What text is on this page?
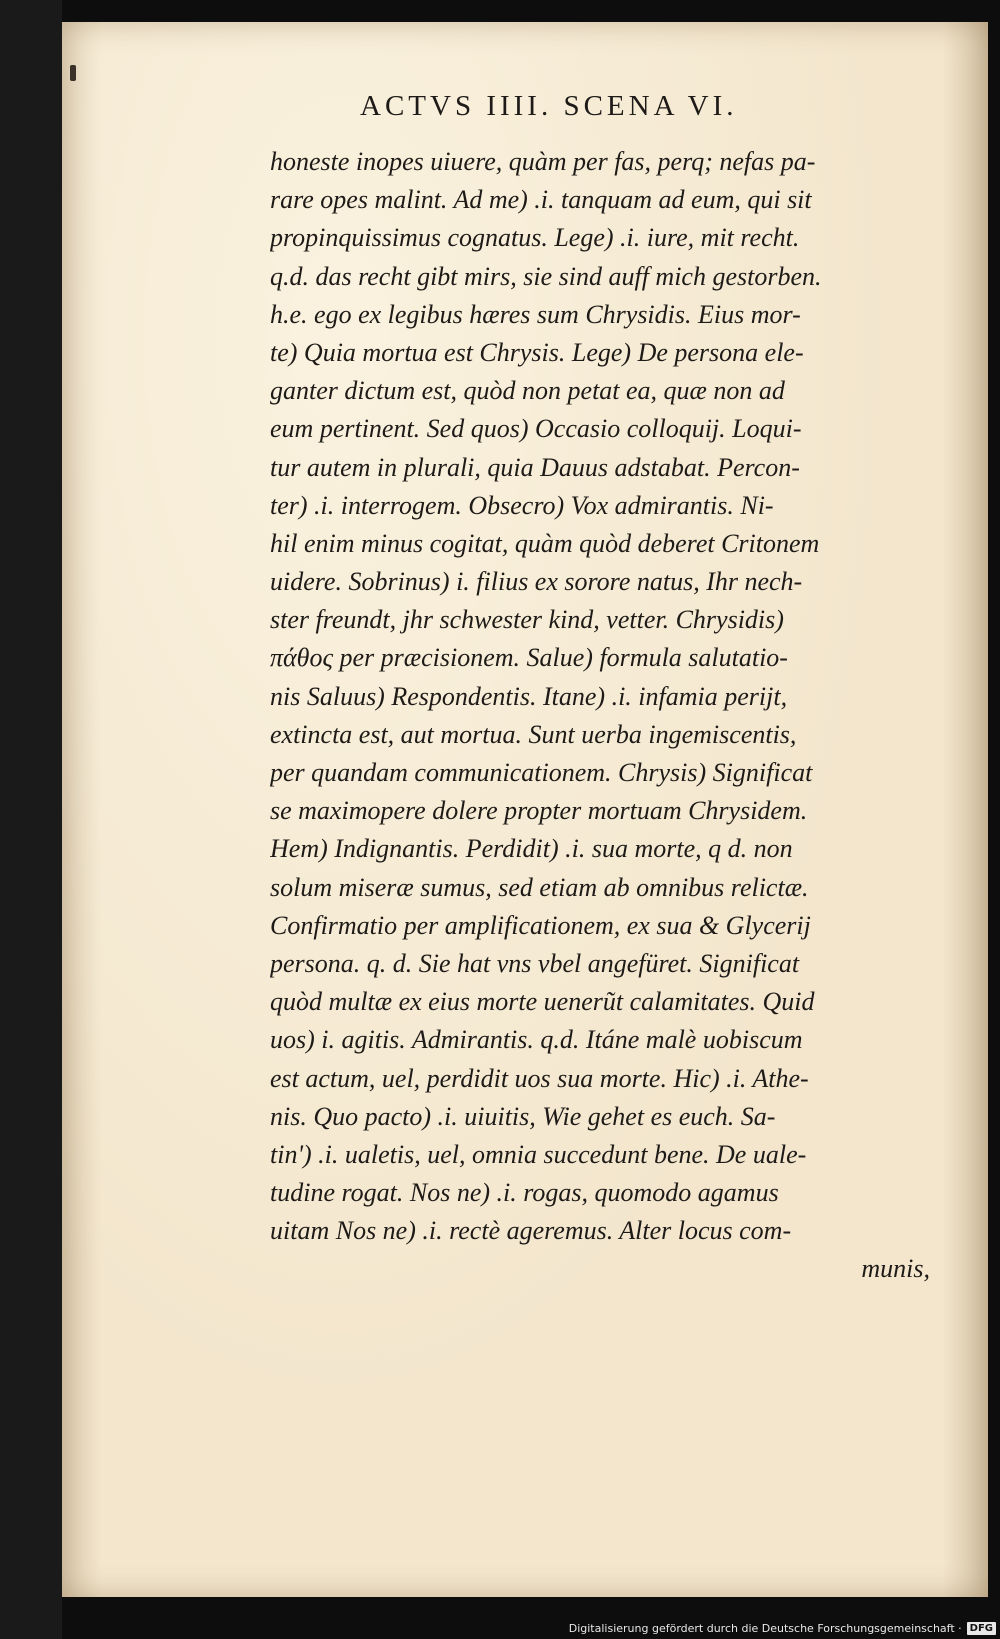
ACTVS IIII. SCENA VI.
honeste inopes uiuere, quàm per fas, perq; nefas pa-
rare opes malint. Ad me) .i. tanquam ad eum, qui sit
propinquissimus cognatus. Lege) .i. iure, mit recht.
q.d. das recht gibt mirs, sie sind auff mich gestorben.
h.e. ego ex legibus hæres sum Chrysidis. Eius mor-
te) Quia mortua est Chrysis. Lege) De persona ele-
ganter dictum est, quòd non petat ea, quæ non ad
eum pertinent. Sed quos) Occasio colloquij. Loqui-
tur autem in plurali, quia Dauus adstabat. Percon-
ter) .i. interrogem. Obsecro) Vox admirantis. Ni-
hil enim minus cogitat, quàm quòd deberet Critonem
uidere. Sobrinus) i. filius ex sorore natus, Ihr nech-
ster freundt, jhr schwester kind, vetter. Chrysidis)
πάθος per præcisionem. Salue) formula salutatio-
nis Saluus) Respondentis. Itane) .i. infamia perijt,
extincta est, aut mortua. Sunt uerba ingemiscentis,
per quandam communicationem. Chrysis) Significat
se maximopere dolere propter mortuam Chrysidem.
Hem) Indignantis. Perdidit) .i. sua morte, q d. non
solum miseræ sumus, sed etiam ab omnibus relictæ.
Confirmatio per amplificationem, ex sua & Glycerij
persona. q. d. Sie hat vns vbel angefüret. Significat
quòd multæ ex eius morte uenerũt calamitates. Quid
uos) i. agitis. Admirantis. q.d. Itáne malè uobiscum
est actum, uel, perdidit uos sua morte. Hic) .i. Athe-
nis. Quo pacto) .i. uiuitis, Wie gehet es euch. Sa-
tin') .i. ualetis, uel, omnia succedunt bene. De uale-
tudine rogat. Nos ne) .i. rogas, quomodo agamus
uitam Nos ne) .i. rectè ageremus. Alter locus com-
munis,
Digitalisierung gefördert durch die Deutsche Forschungsgemeinschaft · DFG
